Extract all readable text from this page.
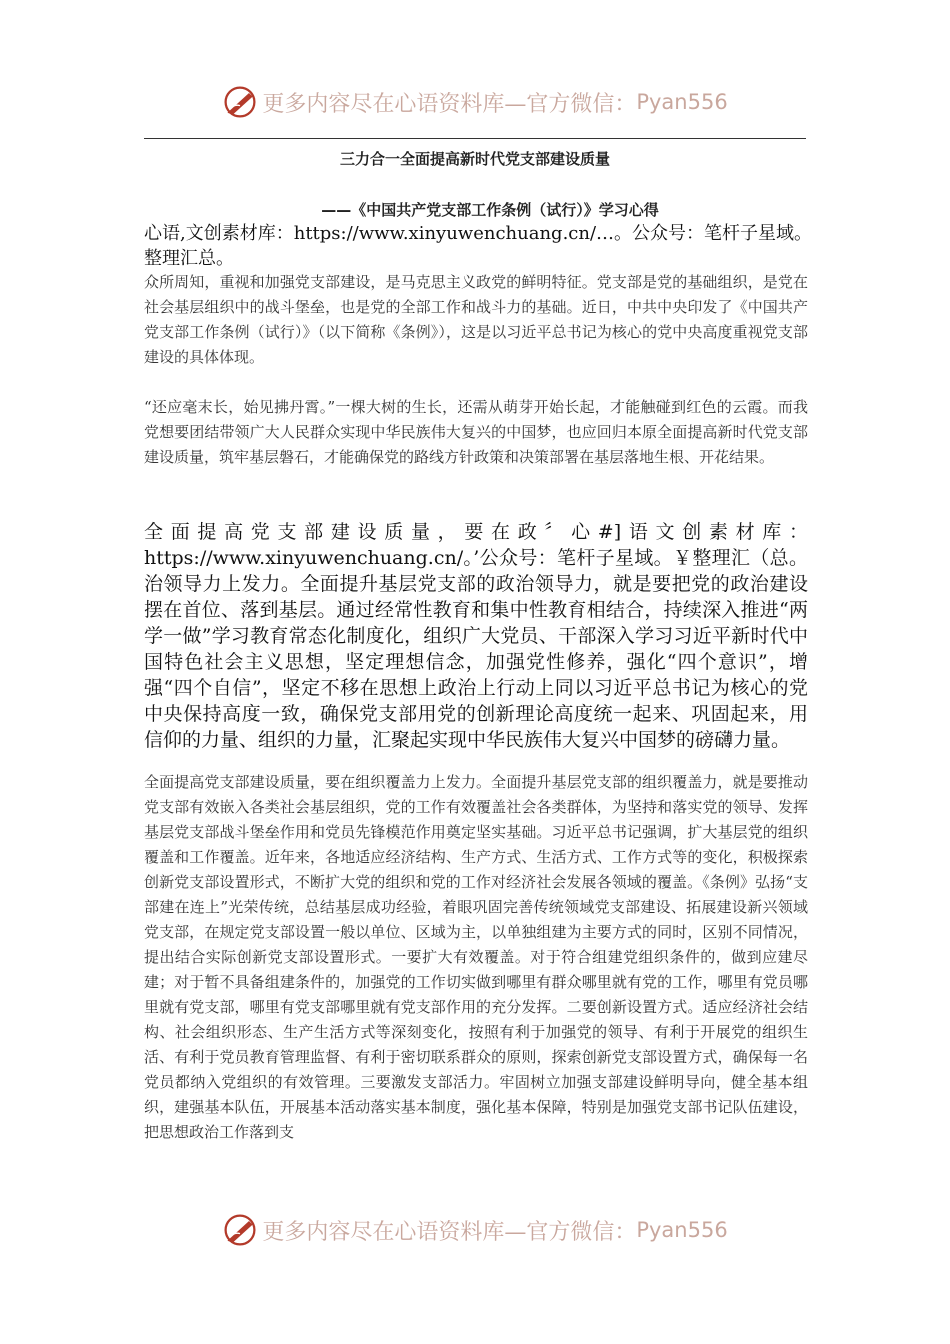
更多内容尽在心语资料库—官方微信： Pyan556
三力合一全面提高新时代党支部建设质量
——《中国共产党支部工作条例（试行）》学习心得
心语,文创素材库：https://www.xinyuwenchuang.cn/…。公众号：笔杆子星域。整理汇总。
众所周知，重视和加强党支部建设，是马克思主义政党的鲜明特征。党支部是党的基础组织，是党在社会基层组织中的战斗堡垒，也是党的全部工作和战斗力的基础。近日，中共中央印发了《中国共产党支部工作条例（试行）》（以下简称《条例》），这是以习近平总书记为核心的党中央高度重视党支部建设的具体体现。
“还应毫末长，始见拂丹霄。”一棵大树的生长，还需从萌芽开始长起，才能触碰到红色的云霞。而我党想要团结带领广大人民群众实现中华民族伟大复兴的中国梦，也应回归本原全面提高新时代党支部建设质量，筑牢基层磐石，才能确保党的路线方针政策和决策部署在基层落地生根、开花结果。
全面提高党支部建设质量，要在政〞心#]语文创素材库：https://www.xinyuwenchuang.cn/。’公众号：笔杆子星域。￥整理汇（总。治领导力上发力。全面提升基层党支部的政治领导力，就是要把党的政治建设摆在首位、落到基层。通过经常性教育和集中性教育相结合，持续深入推进“两学一做”学习教育常态化制度化，组织广大党员、干部深入学习习近平新时代中国特色社会主义思想，坚定理想信念，加强党性修养，强化“四个意识”，增强“四个自信”，坚定不移在思想上政治上行动上同以习近平总书记为核心的党中央保持高度一致，确保党支部用党的创新理论高度统一起来、巩固起来，用信仰的力量、组织的力量，汇聚起实现中华民族伟大复兴中国梦的磅礴力量。
全面提高党支部建设质量，要在组织覆盖力上发力。全面提升基层党支部的组织覆盖力，就是要推动党支部有效嵌入各类社会基层组织，党的工作有效覆盖社会各类群体，为坚持和落实党的领导、发挥基层党支部战斗堡垒作用和党员先锋模范作用奠定坚实基础。习近平总书记强调，扩大基层党的组织覆盖和工作覆盖。近年来，各地适应经济结构、生产方式、生活方式、工作方式等的变化，积极探索创新党支部设置形式，不断扩大党的组织和党的工作对经济社会发展各领域的覆盖。《条例》弘扬“支部建在连上”光荣传统，总结基层成功经验，着眼巩固完善传统领域党支部建设、拓展建设新兴领域党支部，在规定党支部设置一般以单位、区域为主，以单独组建为主要方式的同时，区别不同情况，提出结合实际创新党支部设置形式。一要扩大有效覆盖。对于符合组建党组织条件的，做到应建尽建；对于暂不具备组建条件的，加强党的工作切实做到哪里有群众哪里就有党的工作，哪里有党员哪里就有党支部，哪里有党支部哪里就有党支部作用的充分发挥。二要创新设置方式。适应经济社会结构、社会组织形态、生产生活方式等深刻变化，按照有利于加强党的领导、有利于开展党的组织生活、有利于党员教育管理监督、有利于密切联系群众的原则，探索创新党支部设置方式，确保每一名党员都纳入党组织的有效管理。三要激发支部活力。牢固树立加强支部建设鲜明导向，健全基本组织，建强基本队伍，开展基本活动落实基本制度，强化基本保障，特别是加强党支部书记队伍建设，把思想政治工作落到支
更多内容尽在心语资料库—官方微信： Pyan556
